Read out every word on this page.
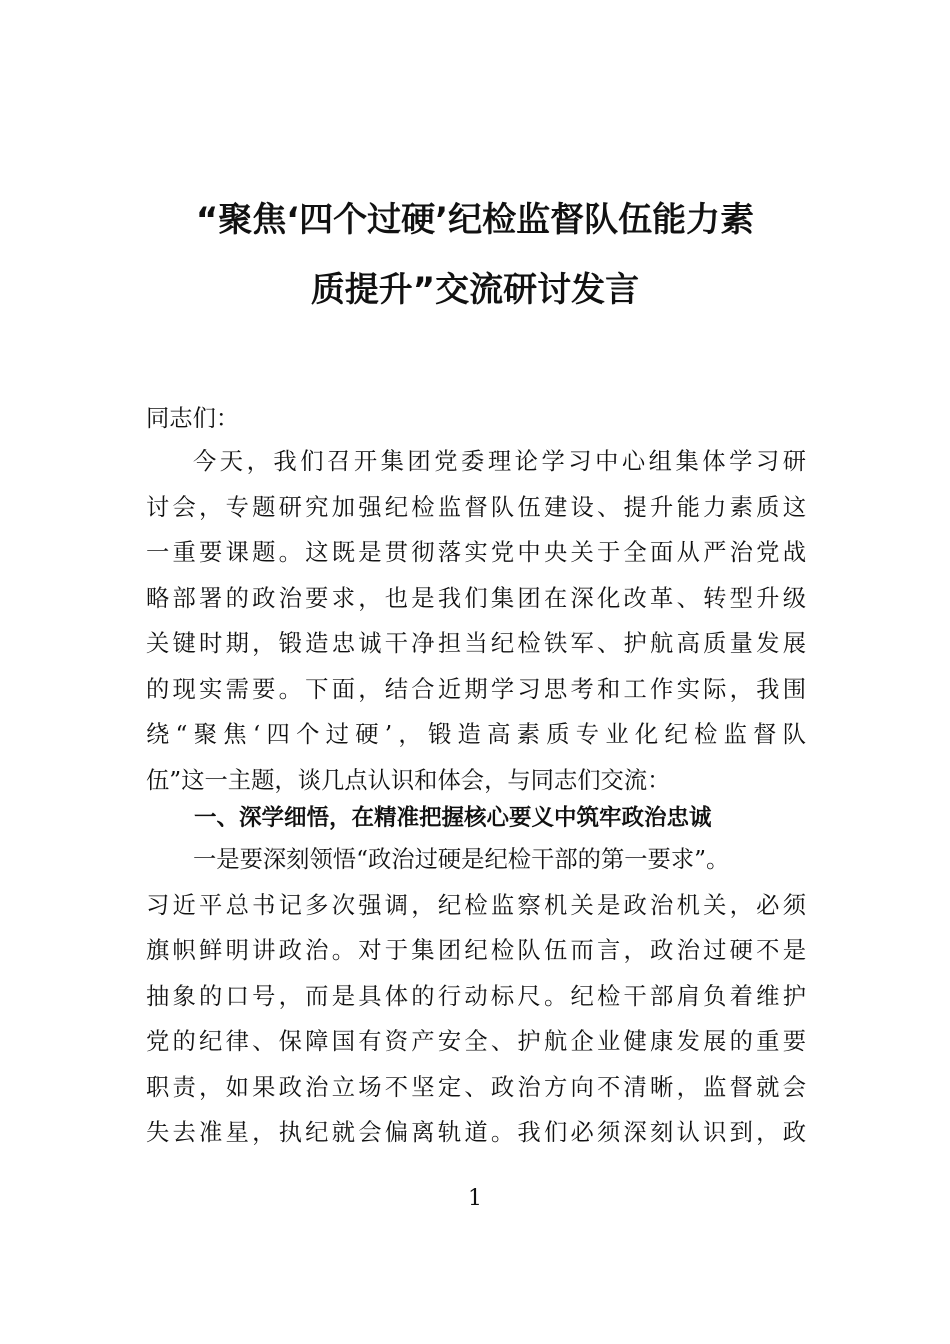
“聚焦‘四个过硬’纪检监督队伍能力素
质提升”交流研讨发言
同志们：
今天，我们召开集团党委理论学习中心组集体学习研
讨会，专题研究加强纪检监督队伍建设、提升能力素质这
一重要课题。这既是贯彻落实党中央关于全面从严治党战
略部署的政治要求，也是我们集团在深化改革、转型升级
关键时期，锻造忠诚干净担当纪检铁军、护航高质量发展
的现实需要。下面，结合近期学习思考和工作实际，我围
绕“聚焦‘四个过硬’，锻造高素质专业化纪检监督队
伍”这一主题，谈几点认识和体会，与同志们交流：
一、深学细悟，在精准把握核心要义中筑牢政治忠诚
一是要深刻领悟“政治过硬是纪检干部的第一要求”。
习近平总书记多次强调，纪检监察机关是政治机关，必须
旗帜鲜明讲政治。对于集团纪检队伍而言，政治过硬不是
抽象的口号，而是具体的行动标尺。纪检干部肩负着维护
党的纪律、保障国有资产安全、护航企业健康发展的重要
职责，如果政治立场不坚定、政治方向不清晰，监督就会
失去准星，执纪就会偏离轨道。我们必须深刻认识到，政
1
